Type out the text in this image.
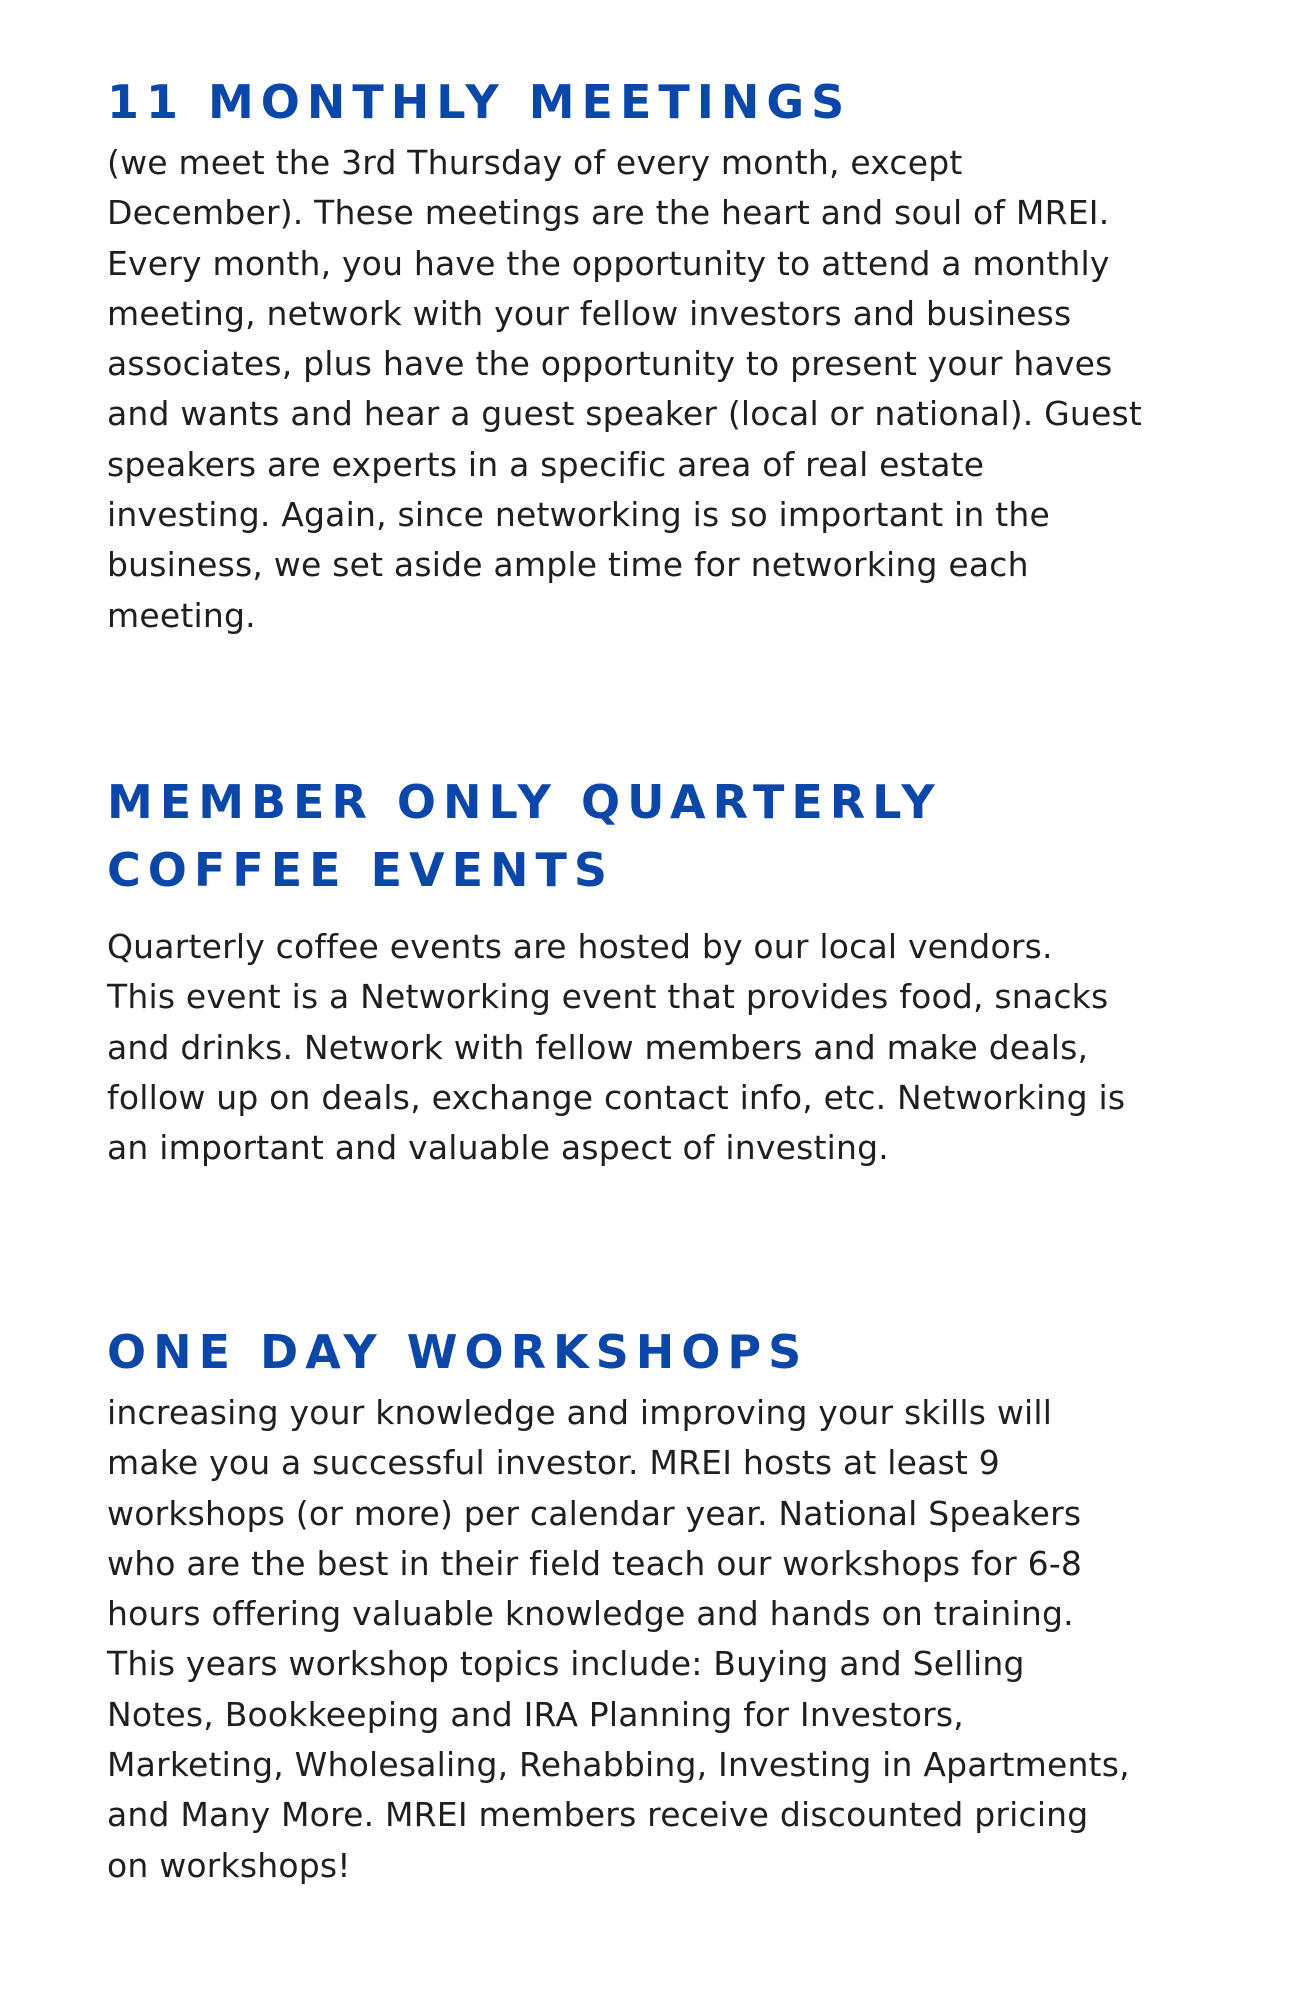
11 MONTHLY MEETINGS

(we meet the 3rd Thursday of every month, except
December). These meetings are the heart and soul of MREI.
Every month, you have the opportunity to attend a monthly
meeting, network with your fellow investors and business
associates, plus have the opportunity to present your haves
and wants and hear a guest speaker (local or national). Guest
speakers are experts in a specific area of real estate
investing. Again, since networking is so important in the
business, we set aside ample time for networking each
meeting.

MEMBER ONLY QUARTERLY
COFFEE EVENTS

Quarterly coffee events are hosted by our local vendors.
This event is a Networking event that provides food, snacks
and drinks. Network with fellow members and make deals,
follow up on deals, exchange contact info, etc. Networking is
an important and valuable aspect of investing.

ONE DAY WORKSHOPS

increasing your knowledge and improving your skills will
make you a successful investor. MREI hosts at least 9
workshops (or more) per calendar year. National Speakers
who are the best in their field teach our workshops for 6-8
hours offering valuable knowledge and hands on training.
This years workshop topics include: Buying and Selling
Notes, Bookkeeping and IRA Planning for Investors,
Marketing, Wholesaling, Rehabbing, Investing in Apartments,
and Many More. MREI members receive discounted pricing
on workshops!
